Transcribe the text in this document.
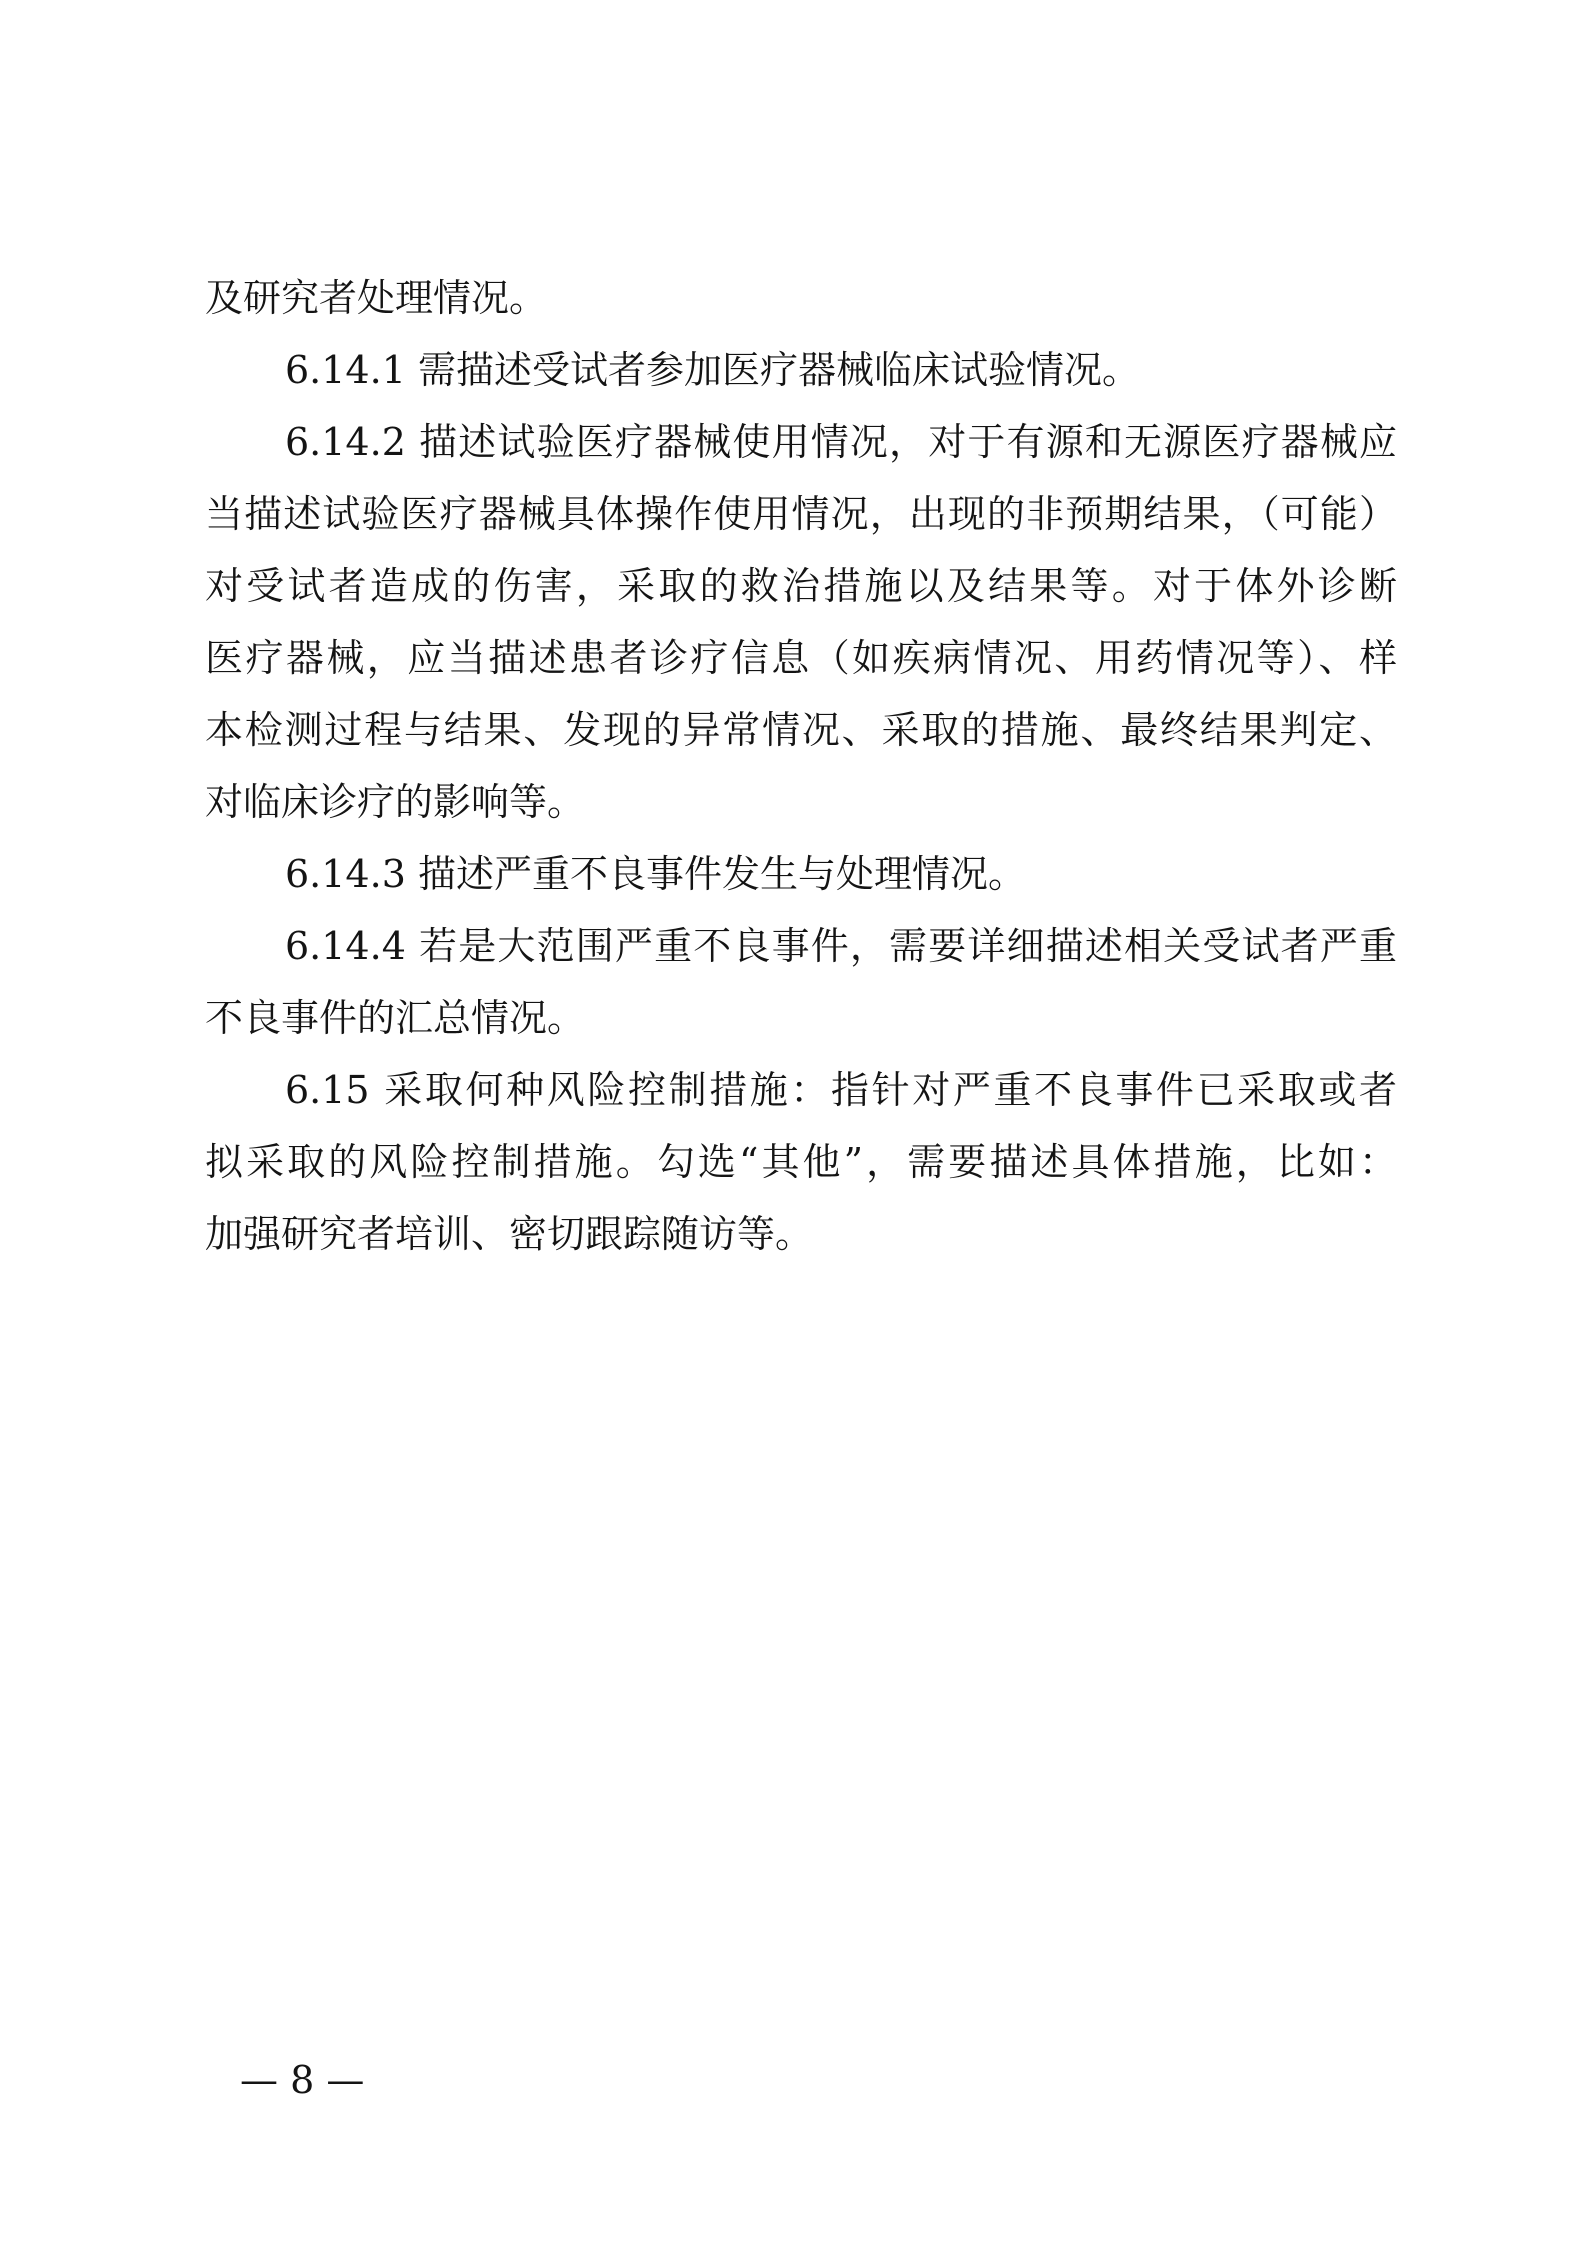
及研究者处理情况。

6.14.1 需描述受试者参加医疗器械临床试验情况。

6.14.2 描述试验医疗器械使用情况，对于有源和无源医疗器械应

当描述试验医疗器械具体操作使用情况，出现的非预期结果，（可能）

对受试者造成的伤害，采取的救治措施以及结果等。对于体外诊断

医疗器械，应当描述患者诊疗信息（如疾病情况、用药情况等）、样

本检测过程与结果、发现的异常情况、采取的措施、最终结果判定、

对临床诊疗的影响等。

6.14.3 描述严重不良事件发生与处理情况。

6.14.4 若是大范围严重不良事件，需要详细描述相关受试者严重

不良事件的汇总情况。

6.15 采取何种风险控制措施：指针对严重不良事件已采取或者

拟采取的风险控制措施。勾选“其他”，需要描述具体措施，比如：

加强研究者培训、密切跟踪随访等。

— 8 —
